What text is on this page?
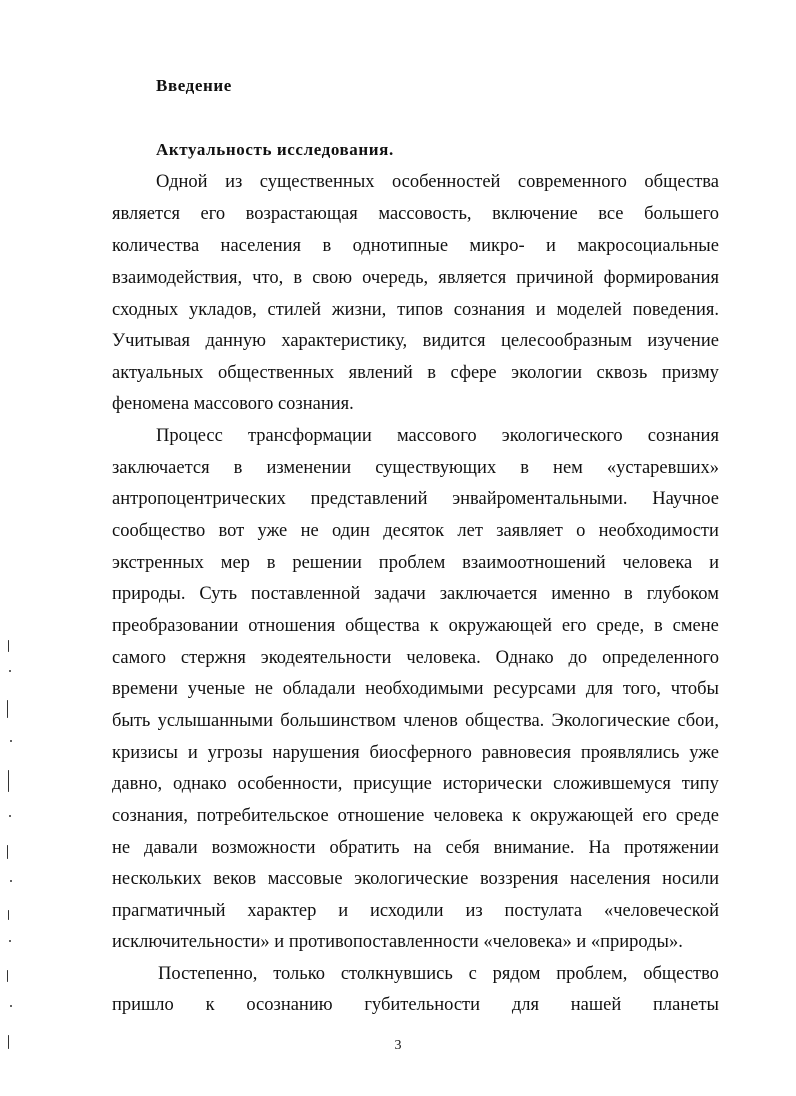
Введение
Актуальность исследования.
Одной из существенных особенностей современного общества
является его возрастающая массовость, включение все большего
количества населения в однотипные микро- и макросоциальные
взаимодействия, что, в свою очередь, является причиной формирования
сходных укладов, стилей жизни, типов сознания и моделей поведения.
Учитывая данную характеристику, видится целесообразным изучение
актуальных общественных явлений в сфере экологии сквозь призму
феномена массового сознания.
Процесс трансформации массового экологического сознания
заключается в изменении существующих в нем «устаревших»
антропоцентрических представлений энвайроментальными. Научное
сообщество вот уже не один десяток лет заявляет о необходимости
экстренных мер в решении проблем взаимоотношений человека и
природы. Суть поставленной задачи заключается именно в глубоком
преобразовании отношения общества к окружающей его среде, в смене
самого стержня экодеятельности человека. Однако до определенного
времени ученые не обладали необходимыми ресурсами для того, чтобы
быть услышанными большинством членов общества. Экологические сбои,
кризисы и угрозы нарушения биосферного равновесия проявлялись уже
давно, однако особенности, присущие исторически сложившемуся типу
сознания, потребительское отношение человека к окружающей его среде
не давали возможности обратить на себя внимание. На протяжении
нескольких веков массовые экологические воззрения населения носили
прагматичный характер и исходили из постулата «человеческой
исключительности» и противопоставленности «человека» и «природы».
Постепенно, только столкнувшись с рядом проблем, общество
пришло к осознанию губительности для нашей планеты
3
